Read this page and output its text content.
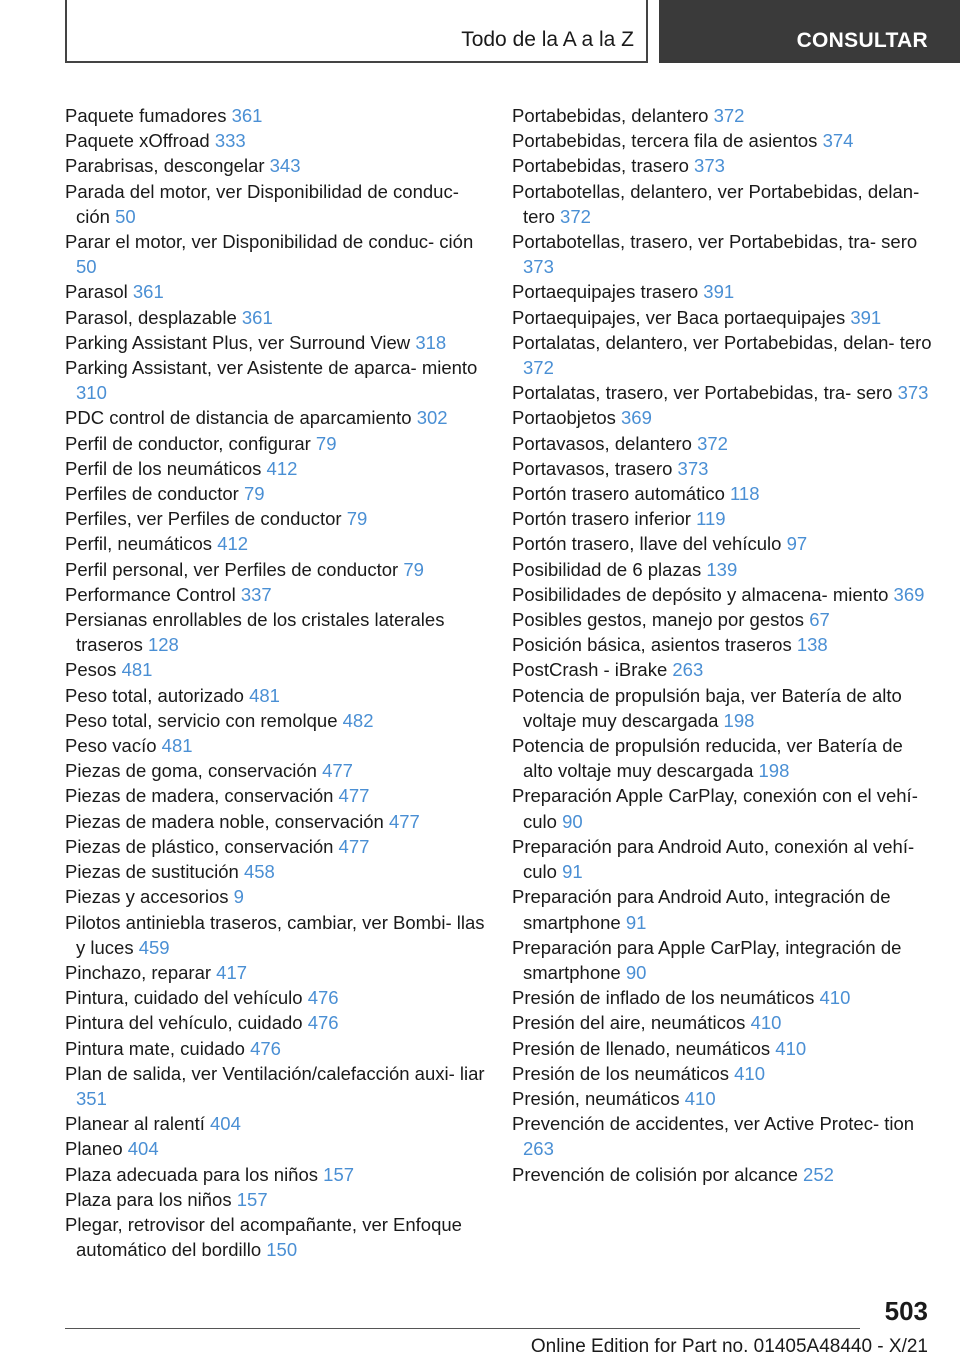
Todo de la A a la Z	CONSULTAR
Paquete fumadores 361
Paquete xOffroad 333
Parabrisas, descongelar 343
Parada del motor, ver Disponibilidad de conduc‐ ción 50
Parar el motor, ver Disponibilidad de conduc‐ ción 50
Parasol 361
Parasol, desplazable 361
Parking Assistant Plus, ver Surround View 318
Parking Assistant, ver Asistente de aparca‐ miento 310
PDC control de distancia de aparcamiento 302
Perfil de conductor, configurar 79
Perfil de los neumáticos 412
Perfiles de conductor 79
Perfiles, ver Perfiles de conductor 79
Perfil, neumáticos 412
Perfil personal, ver Perfiles de conductor 79
Performance Control 337
Persianas enrollables de los cristales laterales traseros 128
Pesos 481
Peso total, autorizado 481
Peso total, servicio con remolque 482
Peso vacío 481
Piezas de goma, conservación 477
Piezas de madera, conservación 477
Piezas de madera noble, conservación 477
Piezas de plástico, conservación 477
Piezas de sustitución 458
Piezas y accesorios 9
Pilotos antiniebla traseros, cambiar, ver Bombi‐ llas y luces 459
Pinchazo, reparar 417
Pintura, cuidado del vehículo 476
Pintura del vehículo, cuidado 476
Pintura mate, cuidado 476
Plan de salida, ver Ventilación/calefacción auxi‐ liar 351
Planear al ralentí 404
Planeo 404
Plaza adecuada para los niños 157
Plaza para los niños 157
Plegar, retrovisor del acompañante, ver Enfoque automático del bordillo 150
Portabebidas, delantero 372
Portabebidas, tercera fila de asientos 374
Portabebidas, trasero 373
Portabotellas, delantero, ver Portabebidas, delan‐ tero 372
Portabotellas, trasero, ver Portabebidas, tra‐ sero 373
Portaequipajes trasero 391
Portaequipajes, ver Baca portaequipajes 391
Portalatas, delantero, ver Portabebidas, delan‐ tero 372
Portalatas, trasero, ver Portabebidas, tra‐ sero 373
Portaobjetos 369
Portavasos, delantero 372
Portavasos, trasero 373
Portón trasero automático 118
Portón trasero inferior 119
Portón trasero, llave del vehículo 97
Posibilidad de 6 plazas 139
Posibilidades de depósito y almacena‐ miento 369
Posibles gestos, manejo por gestos 67
Posición básica, asientos traseros 138
PostCrash - iBrake 263
Potencia de propulsión baja, ver Batería de alto voltaje muy descargada 198
Potencia de propulsión reducida, ver Batería de alto voltaje muy descargada 198
Preparación Apple CarPlay, conexión con el vehí‐ culo 90
Preparación para Android Auto, conexión al vehí‐ culo 91
Preparación para Android Auto, integración de smartphone 91
Preparación para Apple CarPlay, integración de smartphone 90
Presión de inflado de los neumáticos 410
Presión del aire, neumáticos 410
Presión de llenado, neumáticos 410
Presión de los neumáticos 410
Presión, neumáticos 410
Prevención de accidentes, ver Active Protec‐ tion 263
Prevención de colisión por alcance 252
503
Online Edition for Part no. 01405A48440 - X/21
